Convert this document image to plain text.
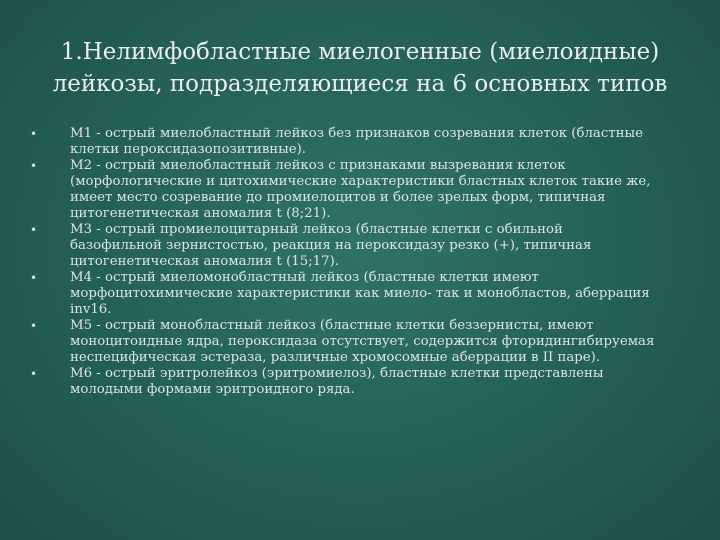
1.Нелимфобластные миелогенные (миелоидные)
лейкозы, подразделяющиеся на 6 основных типов
•	М1 - острый миелобластный лейкоз без признаков созревания клеток (бластные
клетки пероксидазопозитивные).
•	М2 - острый миелобластный лейкоз с признаками вызревания клеток
(морфологические и цитохимические характеристики бластных клеток такие же,
имеет место созревание до промиелоцитов и более зрелых форм, типичная
цитогенетическая аномалия t (8;21).
•	М3 - острый промиелоцитарный лейкоз (бластные клетки с обильной
базофильной зернистостью, реакция на пероксидазу резко (+), типичная
цитогенетическая аномалия t (15;17).
•	М4 - острый миеломонобластный лейкоз (бластные клетки имеют
морфоцитохимические характеристики как миело- так и монобластов, аберрация
inv16.
•	М5 - острый монобластный лейкоз (бластные клетки беззернисты, имеют
моноцитоидные ядра, пероксидаза отсутствует, содержится фторидингибируемая
неспецифическая эстераза, различные хромосомные аберрации в II паре).
•	М6 - острый эритролейкоз (эритромиелоз), бластные клетки представлены
молодыми формами эритроидного ряда.
